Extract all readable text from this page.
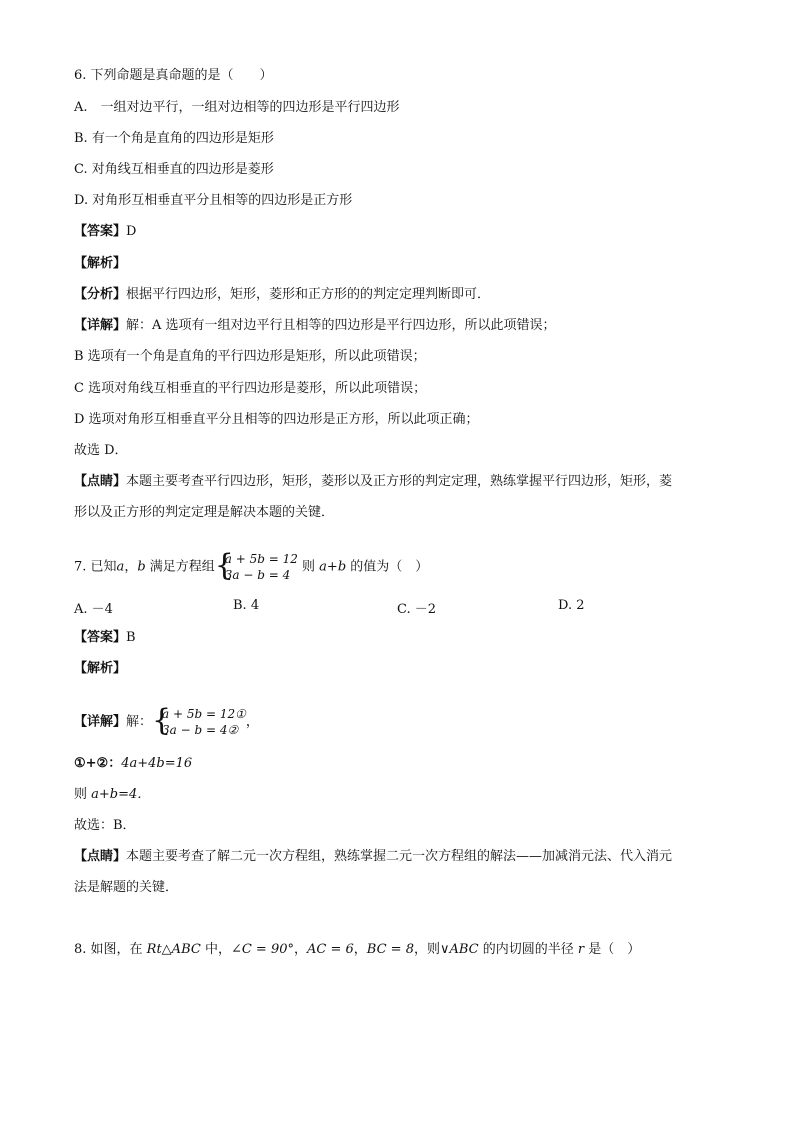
6. 下列命题是真命题的是（　　）
A.　一组对边平行，一组对边相等的四边形是平行四边形
B. 有一个角是直角的四边形是矩形
C. 对角线互相垂直的四边形是菱形
D. 对角形互相垂直平分且相等的四边形是正方形
【答案】D
【解析】
【分析】根据平行四边形，矩形，菱形和正方形的的判定定理判断即可．
【详解】解：A 选项有一组对边平行且相等的四边形是平行四边形，所以此项错误；
B 选项有一个角是直角的平行四边形是矩形，所以此项错误；
C 选项对角线互相垂直的平行四边形是菱形，所以此项错误；
D 选项对角形互相垂直平分且相等的四边形是正方形，所以此项正确；
故选 D．
【点睛】本题主要考查平行四边形，矩形，菱形以及正方形的判定定理，熟练掌握平行四边形，矩形，菱
形以及正方形的判定定理是解决本题的关键．
7. 已知a，b 满足方程组 {
a + 5b = 12
3a − b = 4
则 a+b 的值为（　）
A. －4	B. 4	C. －2	D. 2
【答案】B
【解析】
【详解】解： {
a + 5b = 12①
3a − b = 4②
，
①+②：4a+4b=16
则 a+b=4．
故选：B．
【点睛】本题主要考查了解二元一次方程组，熟练掌握二元一次方程组的解法——加减消元法、代入消元
法是解题的关键．
8. 如图，在 Rt△ABC 中，∠C = 90°，AC = 6，BC = 8，则∨ABC 的内切圆的半径 r 是（　）
